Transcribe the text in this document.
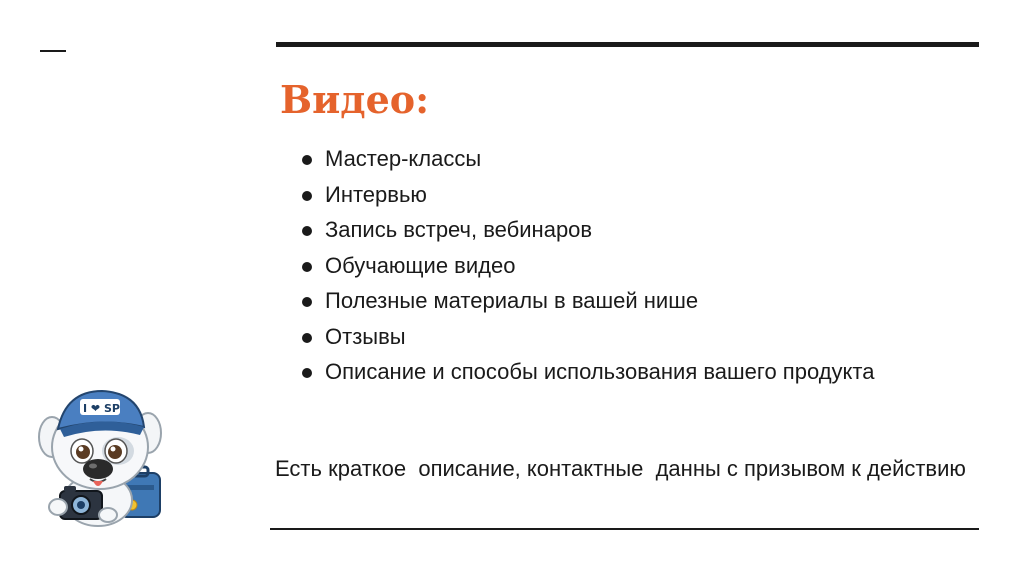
Видео:
Мастер-классы
Интервью
Запись встреч, вебинаров
Обучающие видео
Полезные материалы в вашей нише
Отзывы
Описание и способы использования вашего продукта

Есть краткое  описание, контактные  данны с призывом к действию

I ❤ SP
